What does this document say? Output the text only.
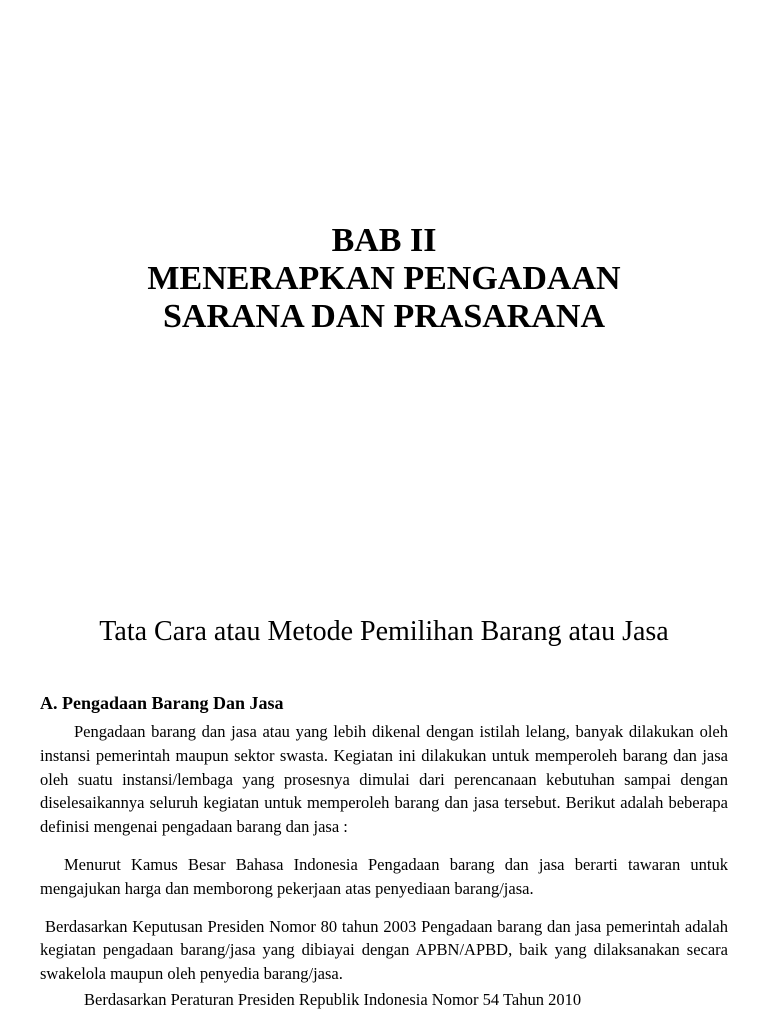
BAB II
MENERAPKAN PENGADAAN
SARANA DAN PRASARANA
Tata Cara atau Metode Pemilihan Barang atau Jasa
A. Pengadaan Barang Dan Jasa
Pengadaan barang dan jasa atau yang lebih dikenal dengan istilah lelang, banyak dilakukan oleh instansi pemerintah maupun sektor swasta. Kegiatan ini dilakukan untuk memperoleh barang dan jasa oleh suatu instansi/lembaga yang prosesnya dimulai dari perencanaan kebutuhan sampai dengan diselesaikannya seluruh kegiatan untuk memperoleh barang dan jasa tersebut. Berikut adalah beberapa definisi mengenai pengadaan barang dan jasa :
Menurut Kamus Besar Bahasa Indonesia Pengadaan barang dan jasa berarti tawaran untuk mengajukan harga dan memborong pekerjaan atas penyediaan barang/jasa.
Berdasarkan Keputusan Presiden Nomor 80 tahun 2003 Pengadaan barang dan jasa pemerintah adalah kegiatan pengadaan barang/jasa yang dibiayai dengan APBN/APBD, baik yang dilaksanakan secara swakelola maupun oleh penyedia barang/jasa.
Berdasarkan Peraturan Presiden Republik Indonesia Nomor 54 Tahun 2010
